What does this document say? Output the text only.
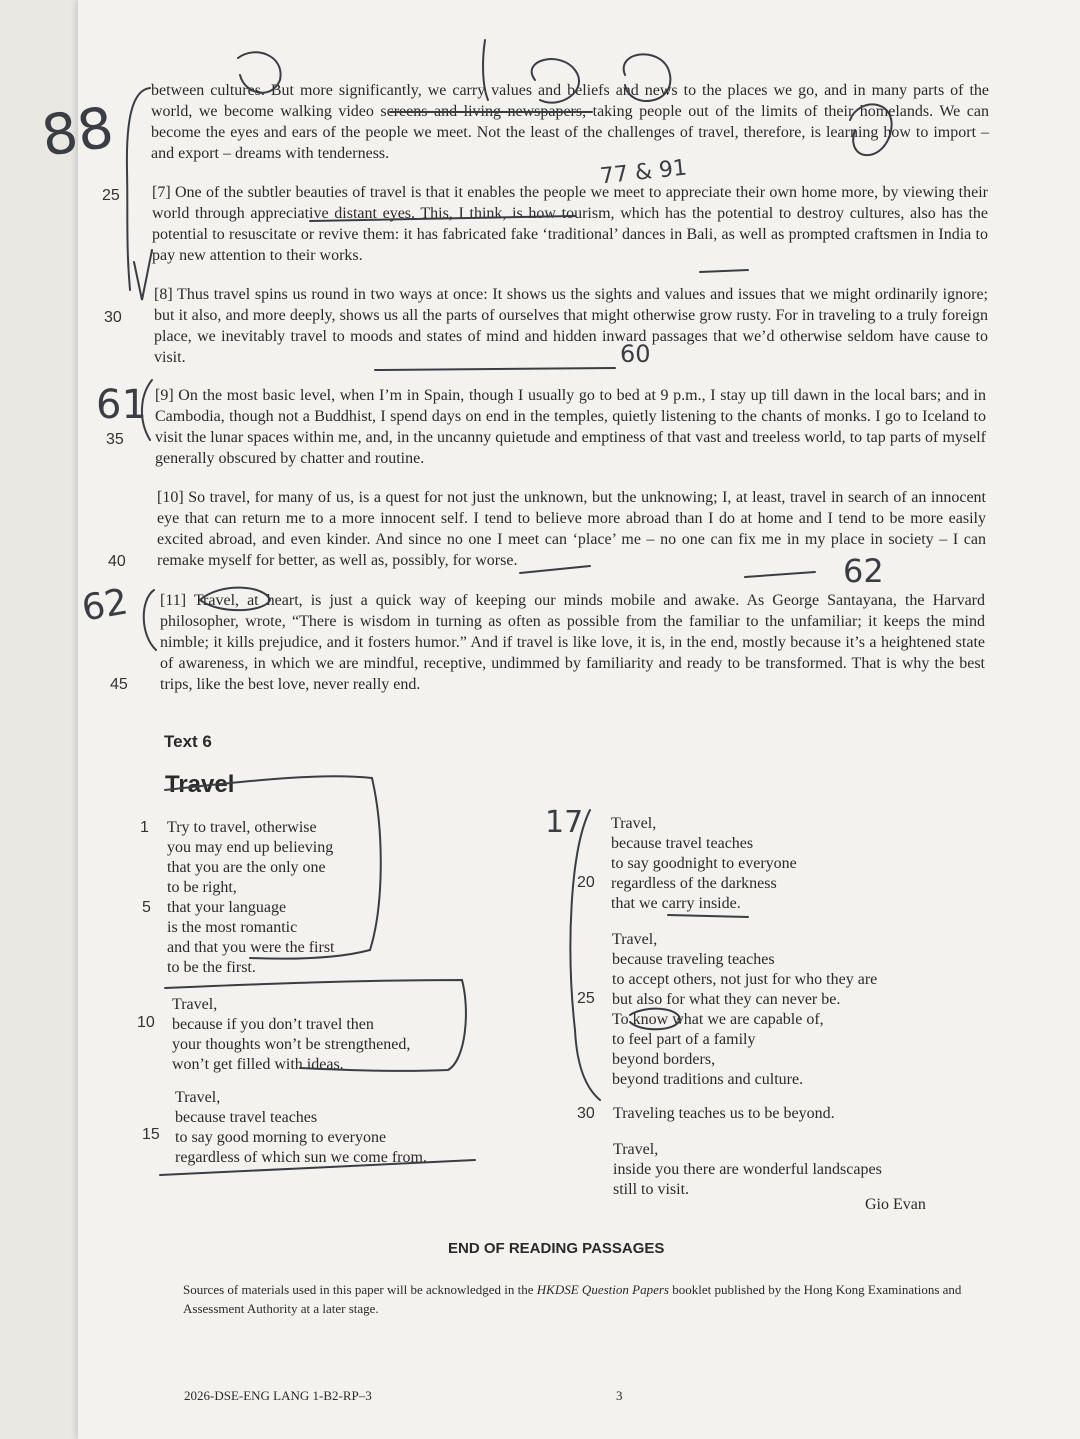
between cultures. But more significantly, we carry values and beliefs and news to the places we go, and in many parts of the world, we become walking video screens and living newspapers, taking people out of the limits of their homelands. We can become the eyes and ears of the people we meet. Not the least of the challenges of travel, therefore, is learning how to import – and export – dreams with tenderness.

[7] One of the subtler beauties of travel is that it enables the people we meet to appreciate their own home more, by viewing their world through appreciative distant eyes. This, I think, is how tourism, which has the potential to destroy cultures, also has the potential to resuscitate or revive them: it has fabricated fake ‘traditional’ dances in Bali, as well as prompted craftsmen in India to pay new attention to their works.

[8] Thus travel spins us round in two ways at once: It shows us the sights and values and issues that we might ordinarily ignore; but it also, and more deeply, shows us all the parts of ourselves that might otherwise grow rusty. For in traveling to a truly foreign place, we inevitably travel to moods and states of mind and hidden inward passages that we’d otherwise seldom have cause to visit.

[9] On the most basic level, when I’m in Spain, though I usually go to bed at 9 p.m., I stay up till dawn in the local bars; and in Cambodia, though not a Buddhist, I spend days on end in the temples, quietly listening to the chants of monks. I go to Iceland to visit the lunar spaces within me, and, in the uncanny quietude and emptiness of that vast and treeless world, to tap parts of myself generally obscured by chatter and routine.

[10] So travel, for many of us, is a quest for not just the unknown, but the unknowing; I, at least, travel in search of an innocent eye that can return me to a more innocent self. I tend to believe more abroad than I do at home and I tend to be more easily excited abroad, and even kinder. And since no one I meet can ‘place’ me – no one can fix me in my place in society – I can remake myself for better, as well as, possibly, for worse.

[11] Travel, at heart, is just a quick way of keeping our minds mobile and awake. As George Santayana, the Harvard philosopher, wrote, “There is wisdom in turning as often as possible from the familiar to the unfamiliar; it keeps the mind nimble; it kills prejudice, and it fosters humor.” And if travel is like love, it is, in the end, mostly because it’s a heightened state of awareness, in which we are mindful, receptive, undimmed by familiarity and ready to be transformed. That is why the best trips, like the best love, never really end.

25
30
35
40
45
Text 6
Travel
Try to travel, otherwise
you may end up believing
that you are the only one
to be right,
that your language
is the most romantic
and that you were the first
to be the first.
Travel,
because if you don’t travel then
your thoughts won’t be strengthened,
won’t get filled with ideas.
Travel,
because travel teaches
to say good morning to everyone
regardless of which sun we come from.
Travel,
because travel teaches
to say goodnight to everyone
regardless of the darkness
that we carry inside.
Travel,
because traveling teaches
to accept others, not just for who they are
but also for what they can never be.
To know what we are capable of,
to feel part of a family
beyond borders,
beyond traditions and culture.
Traveling teaches us to be beyond.
Travel,
inside you there are wonderful landscapes
still to visit.
Gio Evan
1
5
10
15
20
25
30
END OF READING PASSAGES

Sources of materials used in this paper will be acknowledged in the HKDSE Question Papers booklet published by the Hong Kong Examinations and Assessment Authority at a later stage.

2026-DSE-ENG LANG 1-B2-RP–3	3
88
61
62
60
62
17
77 & 91
